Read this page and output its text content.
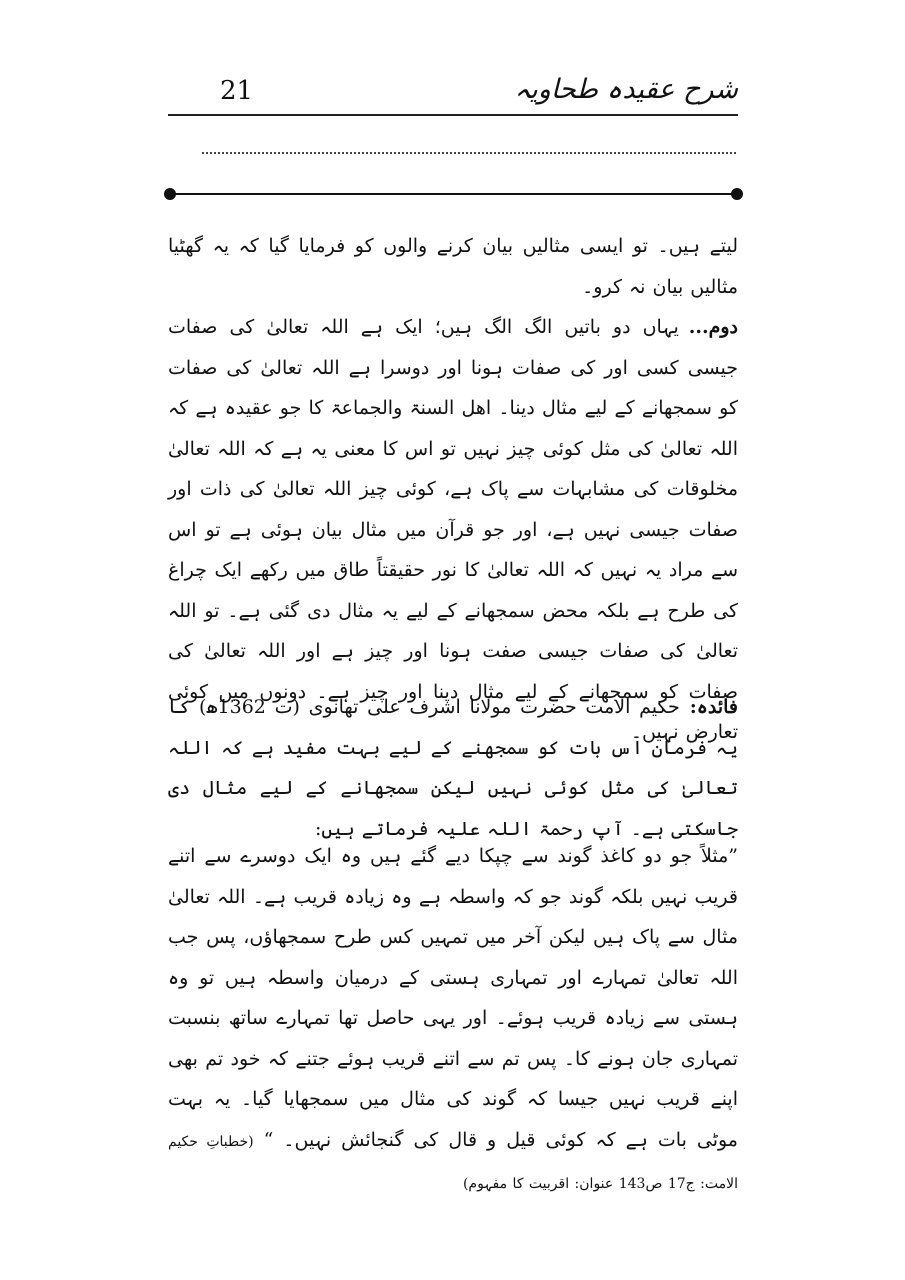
شرح عقیدہ طحاویہ
21

لیتے ہیں۔ تو ایسی مثالیں بیان کرنے والوں کو فرمایا گیا کہ یہ گھٹیا مثالیں بیان نہ کرو۔

دوم...یہاں دو باتیں الگ الگ ہیں؛ ایک ہے اللہ تعالیٰ کی صفات جیسی کسی اور کی صفات ہونا اور دوسرا ہے اللہ تعالیٰ کی صفات کو سمجھانے کے لیے مثال دینا۔ اھل السنۃ والجماعۃ کا جو عقیدہ ہے کہ اللہ تعالیٰ کی مثل کوئی چیز نہیں تو اس کا معنی یہ ہے کہ اللہ تعالیٰ مخلوقات کی مشابہات سے پاک ہے، کوئی چیز اللہ تعالیٰ کی ذات اور صفات جیسی نہیں ہے، اور جو قرآن میں مثال بیان ہوئی ہے تو اس سے مراد یہ نہیں کہ اللہ تعالیٰ کا نور حقیقتاً طاق میں رکھے ایک چراغ کی طرح ہے بلکہ محض سمجھانے کے لیے یہ مثال دی گئی ہے۔ تو اللہ تعالیٰ کی صفات جیسی صفت ہونا اور چیز ہے اور اللہ تعالیٰ کی صفات کو سمجھانے کے لیے مثال دینا اور چیز ہے۔ دونوں میں کوئی تعارض نہیں۔

فائدہ:حکیم الامت حضرت مولانا اشرف علی تھانوی (ت 1362ھ) کا یہ فرمان اس بات کو سمجھنے کے لیے بہت مفید ہے کہ اللہ تعالیٰ کی مثل کوئی نہیں لیکن سمجھانے کے لیے مثال دی جاسکتی ہے۔ آپ رحمۃ اللہ علیہ فرماتے ہیں:
”مثلاً جو دو کاغذ گوند سے چپکا دیے گئے ہیں وہ ایک دوسرے سے اتنے قریب نہیں بلکہ گوند جو کہ واسطہ ہے وہ زیادہ قریب ہے۔ اللہ تعالیٰ مثال سے پاک ہیں لیکن آخر میں تمہیں کس طرح سمجھاؤں، پس جب اللہ تعالیٰ تمہارے اور تمہاری ہستی کے درمیان واسطہ ہیں تو وہ ہستی سے زیادہ قریب ہوئے۔ اور یہی حاصل تھا تمہارے ساتھ بنسبت تمہاری جان ہونے کا۔ پس تم سے اتنے قریب ہوئے جتنے کہ خود تم بھی اپنے قریب نہیں جیسا کہ گوند کی مثال میں سمجھایا گیا۔ یہ بہت موٹی بات ہے کہ کوئی قیل و قال کی گنجائش نہیں۔ “ (خطباتِ حکیم الامت: ج17 ص143 عنوان: اقربیت کا مفہوم)
